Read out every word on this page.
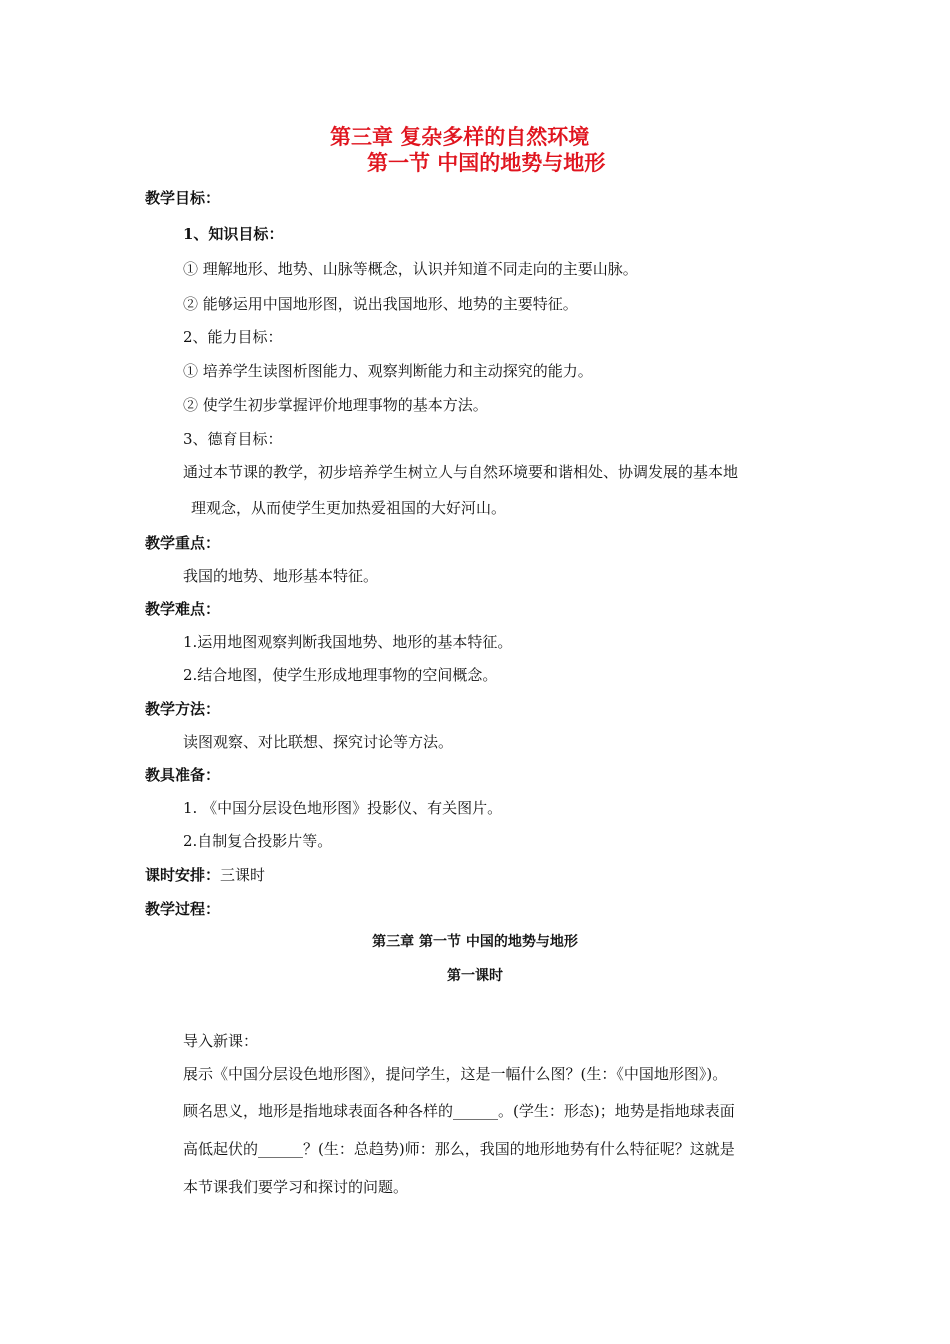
第三章 复杂多样的自然环境
第一节 中国的地势与地形
教学目标：
1、知识目标：
① 理解地形、地势、山脉等概念，认识并知道不同走向的主要山脉。
② 能够运用中国地形图，说出我国地形、地势的主要特征。
2、能力目标：
① 培养学生读图析图能力、观察判断能力和主动探究的能力。
② 使学生初步掌握评价地理事物的基本方法。
3、德育目标：
通过本节课的教学，初步培养学生树立人与自然环境要和谐相处、协调发展的基本地
理观念，从而使学生更加热爱祖国的大好河山。
教学重点：
我国的地势、地形基本特征。
教学难点：
1.运用地图观察判断我国地势、地形的基本特征。
2.结合地图，使学生形成地理事物的空间概念。
教学方法：
读图观察、对比联想、探究讨论等方法。
教具准备：
1. 《中国分层设色地形图》投影仪、有关图片。
2.自制复合投影片等。
课时安排：三课时
教学过程：
第三章 第一节 中国的地势与地形
第一课时
导入新课：
展示《中国分层设色地形图》，提问学生，这是一幅什么图？(生：《中国地形图》)。
顾名思义，地形是指地球表面各种各样的______。(学生：形态)；地势是指地球表面
高低起伏的______？(生：总趋势)师：那么，我国的地形地势有什么特征呢？这就是
本节课我们要学习和探讨的问题。
